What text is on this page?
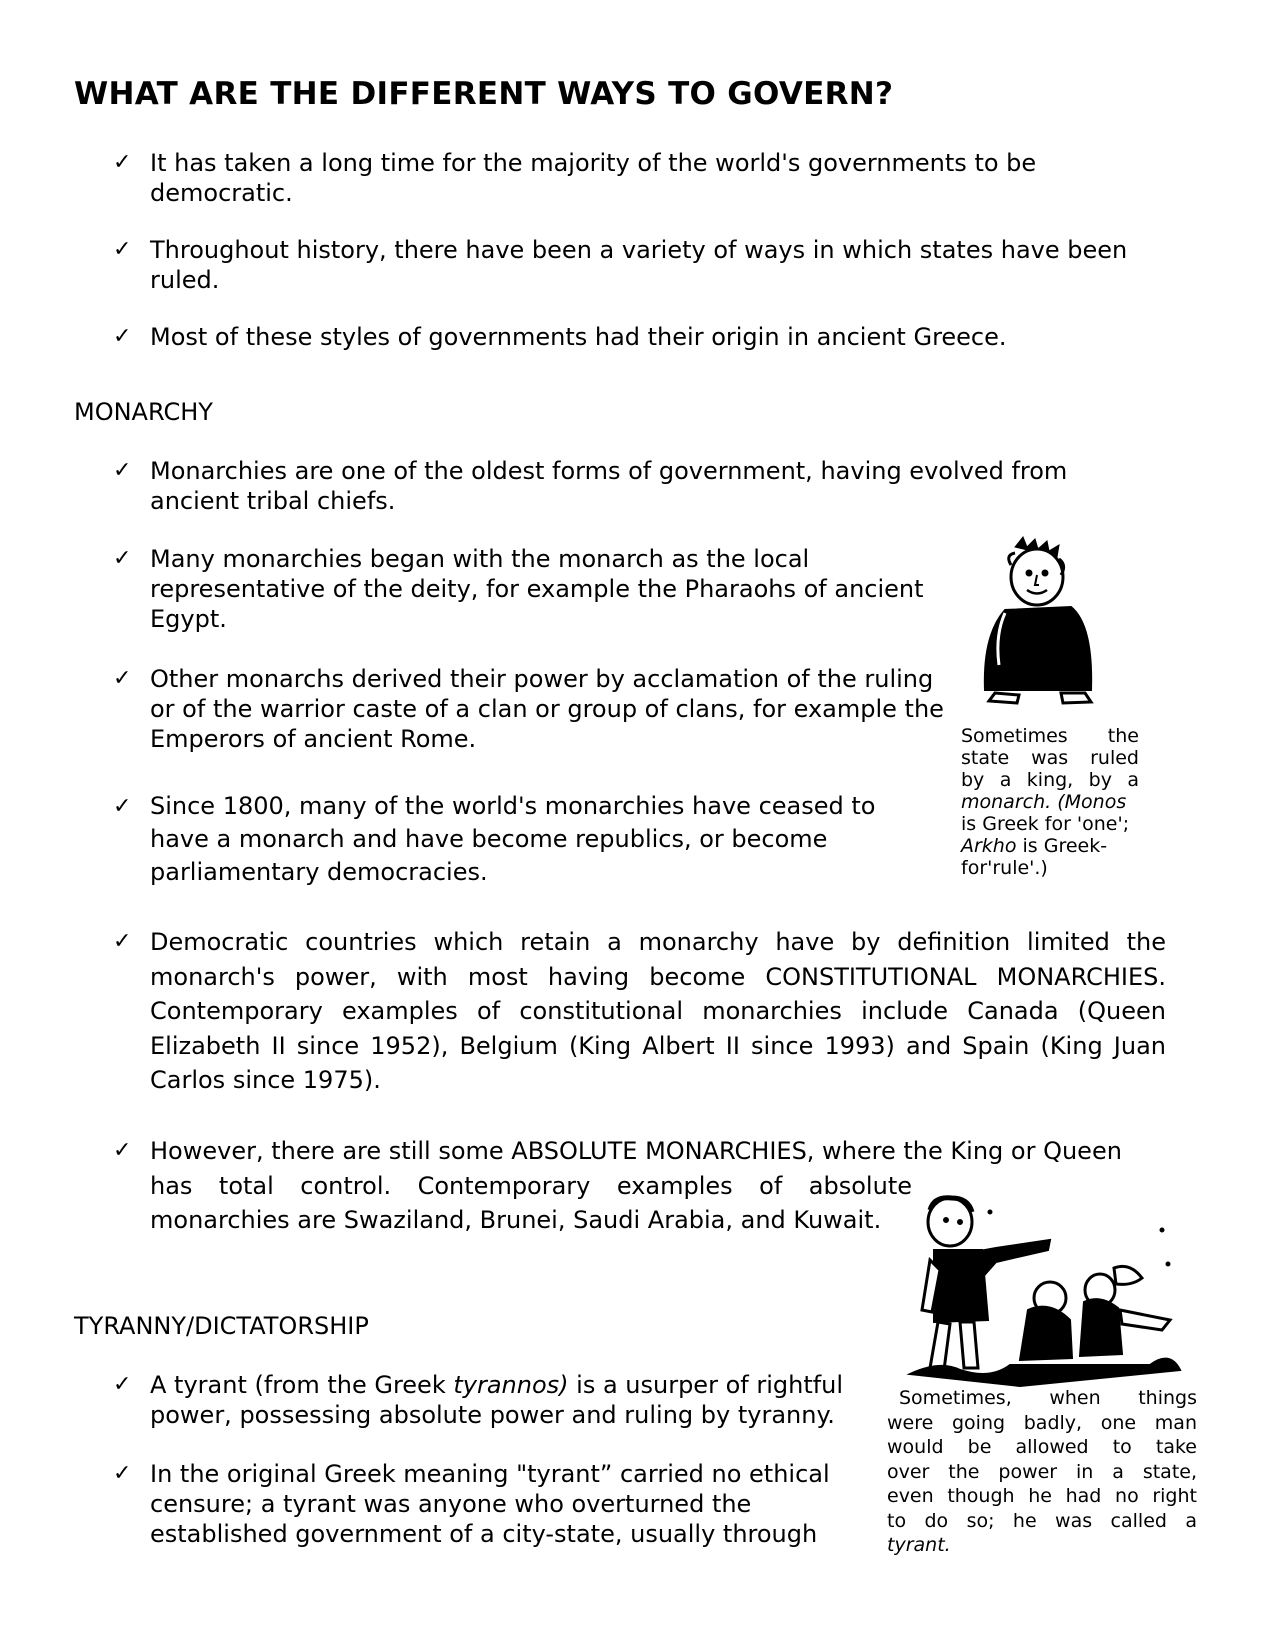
WHAT ARE THE DIFFERENT WAYS TO GOVERN?
✓ It has taken a long time for the majority of the world's governments to be
democratic.
✓ Throughout history, there have been a variety of ways in which states have been
ruled.
✓ Most of these styles of governments had their origin in ancient Greece.
MONARCHY
✓ Monarchies are one of the oldest forms of government, having evolved from
ancient tribal chiefs.
✓ Many monarchies began with the monarch as the local
representative of the deity, for example the Pharaohs of ancient
Egypt.
✓ Other monarchs derived their power by acclamation of the ruling
or of the warrior caste of a clan or group of clans, for example the
Emperors of ancient Rome.
✓ Since 1800, many of the world's monarchies have ceased to
have a monarch and have become republics, or become
parliamentary democracies.
Sometimes the
state was ruled
by a king, by a
monarch. (Monos
is Greek for 'one';
Arkho is Greek-
for'rule'.)
✓ Democratic countries which retain a monarchy have by definition limited the monarch's power, with most having become CONSTITUTIONAL MONARCHIES. Contemporary examples of constitutional monarchies include Canada (Queen Elizabeth II since 1952), Belgium (King Albert II since 1993) and Spain (King Juan Carlos since 1975).
✓ However, there are still some ABSOLUTE MONARCHIES, where the King or Queen
has total control. Contemporary examples of absolute monarchies are Swaziland, Brunei, Saudi Arabia, and Kuwait.
TYRANNY/DICTATORSHIP
✓ A tyrant (from the Greek tyrannos) is a usurper of rightful
power, possessing absolute power and ruling by tyranny.
✓ In the original Greek meaning "tyrant” carried no ethical
censure; a tyrant was anyone who overturned the
established government of a city-state, usually through
Sometimes, when things
were going badly, one man
would be allowed to take
over the power in a state,
even though he had no right
to do so; he was called a
tyrant.
